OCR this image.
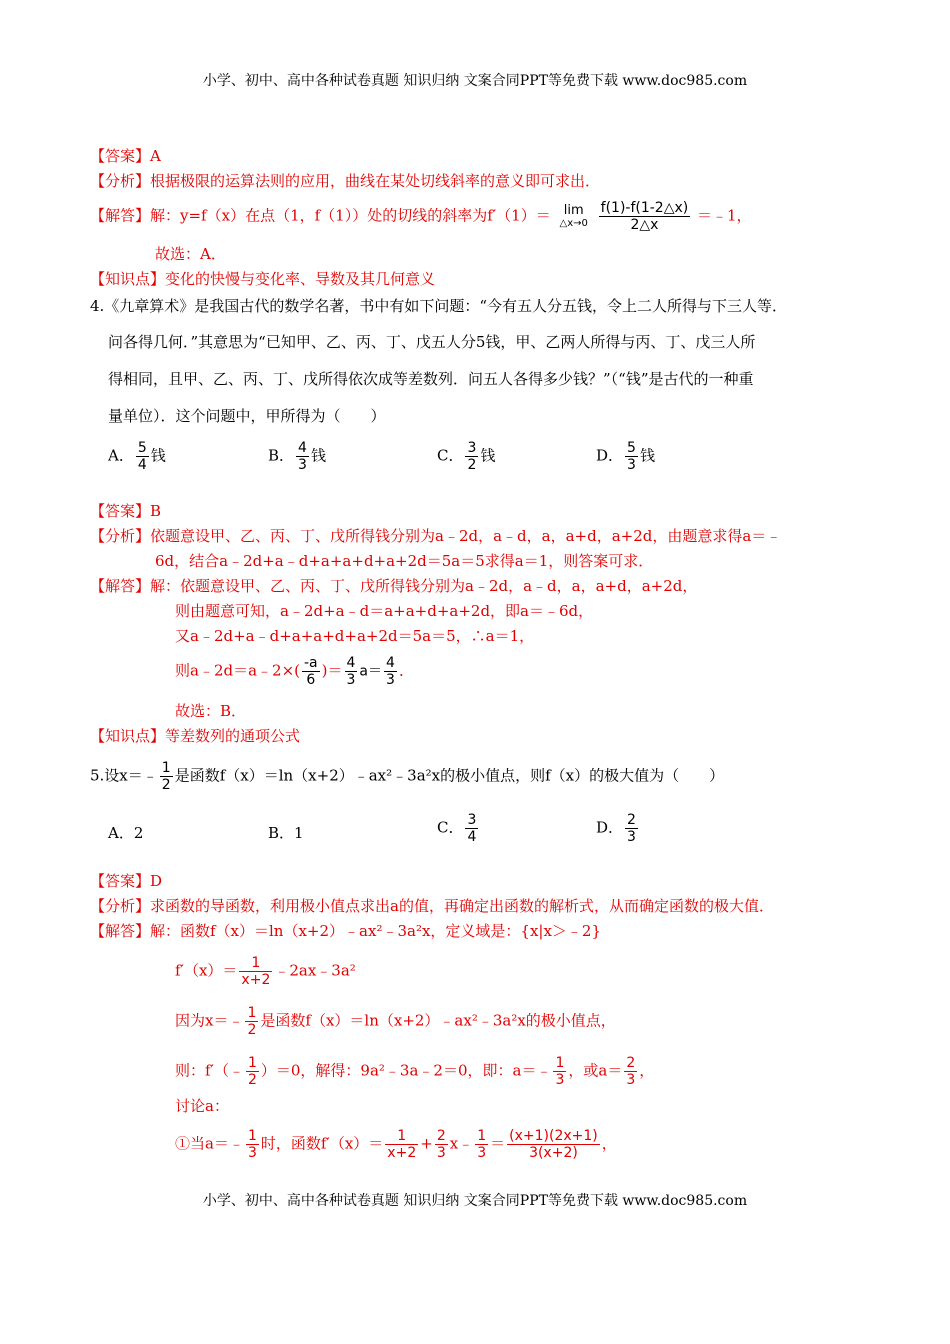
小学、初中、高中各种试卷真题 知识归纳 文案合同PPT等免费下载 www.doc985.com
【答案】A
【分析】根据极限的运算法则的应用，曲线在某处切线斜率的意义即可求出．
【解答】解：y=f（x）在点（1，f（1））处的切线的斜率为f′（1）＝	lim
△x→0
$\frac{f(1)-f(1-2\triangle x)}{2\triangle x}$ ＝﹣1，
故选：A．
【知识点】变化的快慢与变化率、导数及其几何意义
4.《九章算术》是我国古代的数学名著，书中有如下问题：“今有五人分五钱，令上二人所得与下三人等．
问各得几何．”其意思为“已知甲、乙、丙、丁、戊五人分5钱，甲、乙两人所得与丙、丁、戊三人所
得相同，且甲、乙、丙、丁、戊所得依次成等差数列．问五人各得多少钱？”（“钱”是古代的一种重
量单位）．这个问题中，甲所得为（　　）
A． $\frac{5}{4}$ 钱	B． $\frac{4}{3}$ 钱	C． $\frac{3}{2}$ 钱	D． $\frac{5}{3}$ 钱
【答案】B
【分析】依题意设甲、乙、丙、丁、戊所得钱分别为a﹣2d，a﹣d，a，a+d，a+2d，由题意求得a＝﹣
6d，结合a﹣2d+a﹣d+a+a+d+a+2d＝5a＝5求得a＝1，则答案可求．
【解答】解：依题意设甲、乙、丙、丁、戊所得钱分别为a﹣2d，a﹣d，a，a+d，a+2d，
则由题意可知，a﹣2d+a﹣d＝a+a+d+a+2d，即a＝﹣6d，
又a﹣2d+a﹣d+a+a+d+a+2d＝5a＝5，∴a＝1，
则a﹣2d＝a﹣2×( $\frac{-a}{6}$ )＝ $\frac{4}{3} a= \frac{4}{3}$ ．
故选：B．
【知识点】等差数列的通项公式
5.设x＝﹣ $\frac{1}{2}$ 是函数f（x）＝ln（x+2）﹣ax²﹣3a²x的极小值点，则f（x）的极大值为（　　）
A．2	B．1	C． $\frac{3}{4}$	D． $\frac{2}{3}$
【答案】D
【分析】求函数的导函数，利用极小值点求出a的值，再确定出函数的解析式，从而确定函数的极大值．
【解答】解：函数f（x）＝ln（x+2）﹣ax²﹣3a²x，定义域是：{x|x＞﹣2}
$f'(x)= \frac{1}{x+2}$ ﹣2ax﹣3a²
因为x＝﹣ $\frac{1}{2}$ 是函数f（x）＝ln（x+2）﹣ax²﹣3a²x的极小值点，
则：f′（﹣ $\frac{1}{2} )=0$，解得：9a²﹣3a﹣2＝0，即：a＝﹣ $\frac{1}{3}$ ，或$a= \frac{2}{3}$ ，
讨论a：
①当a＝﹣ $\frac{1}{3}$ 时，函数$f'(x)= \frac{1}{x+2} + \frac{2}{3}$ x﹣ $\frac{1}{3} = \frac{(x+1)(2x+1)}{3(x+2)}$ ，
小学、初中、高中各种试卷真题 知识归纳 文案合同PPT等免费下载 www.doc985.com
